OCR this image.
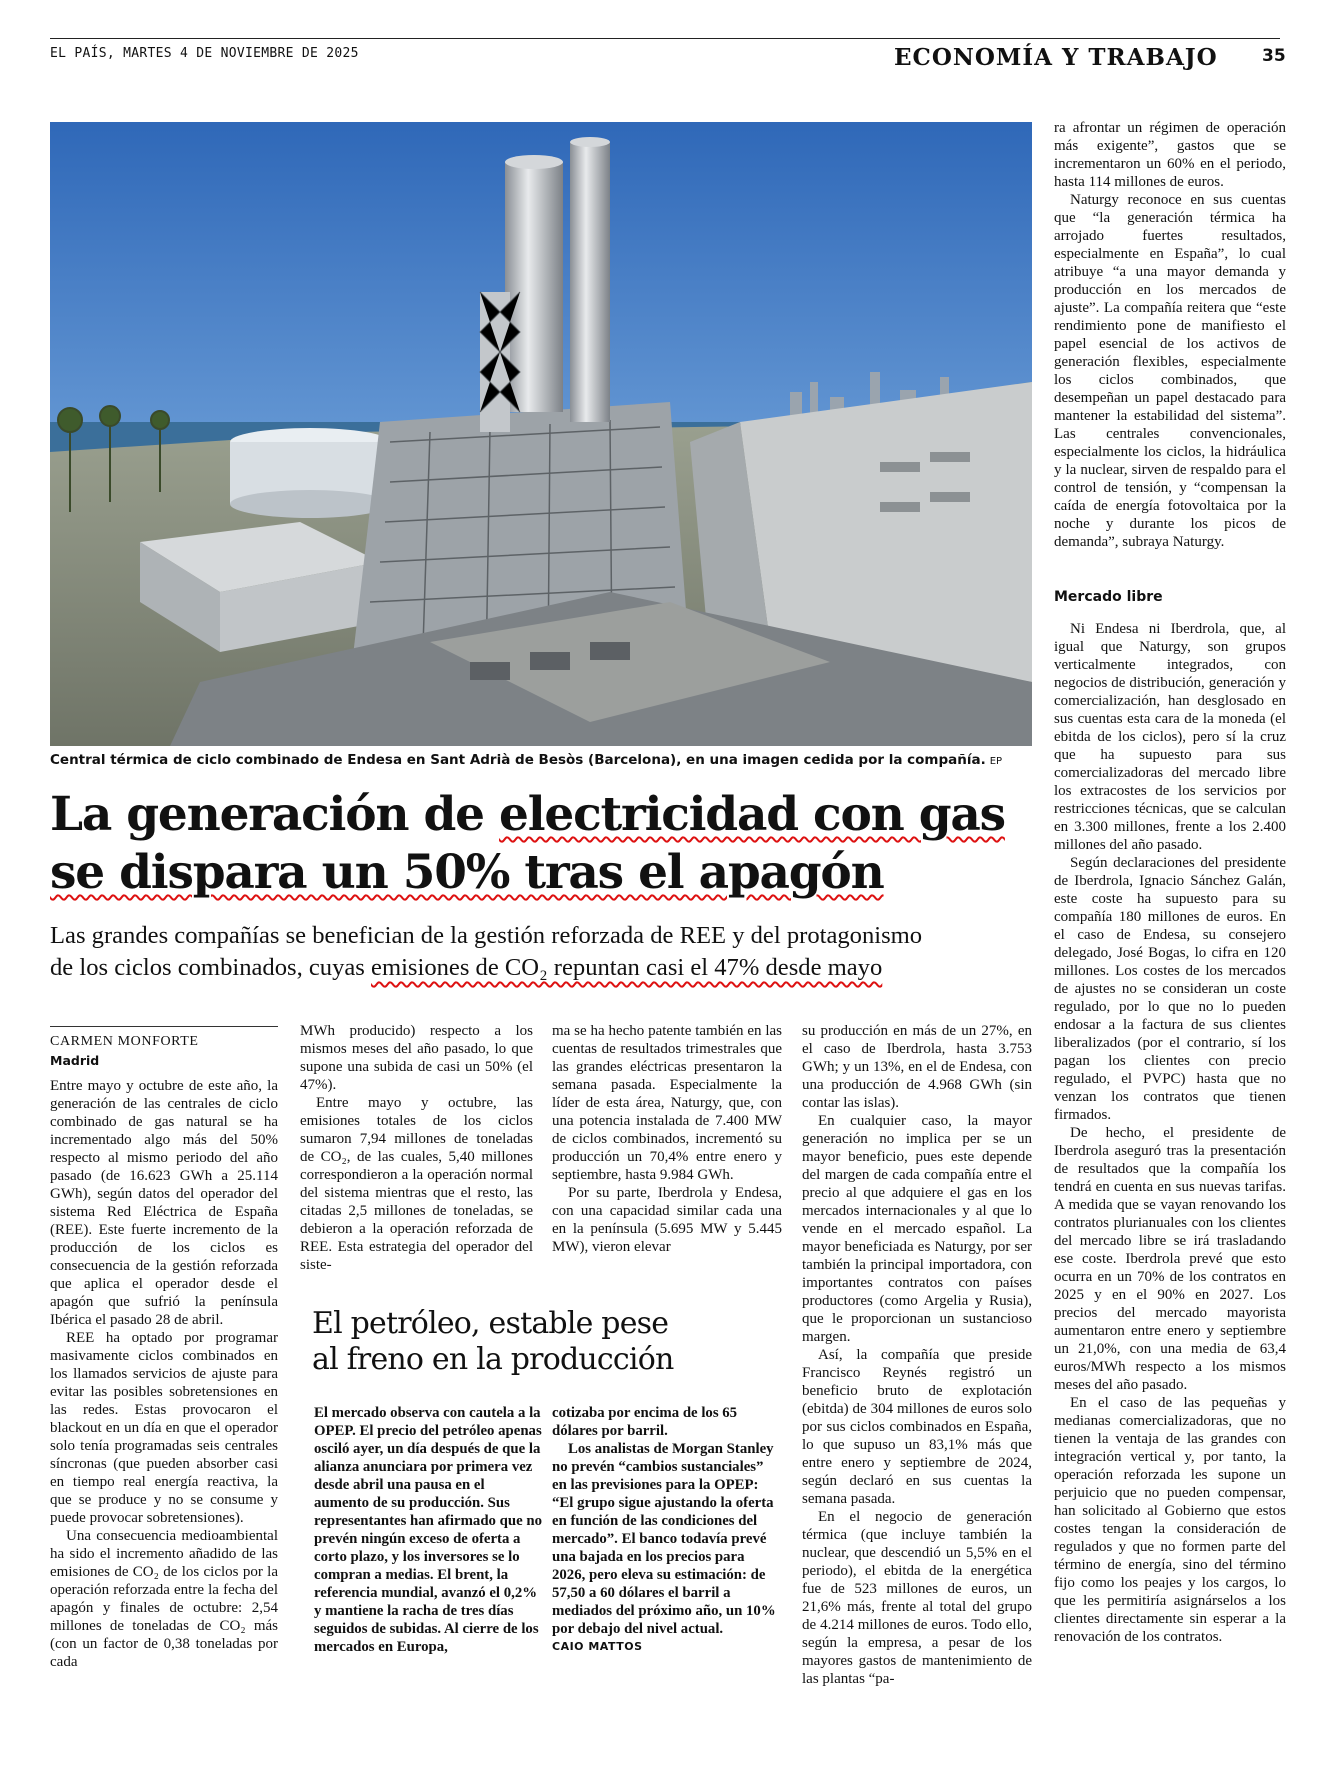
EL PAÍS, MARTES 4 DE NOVIEMBRE DE 2025	ECONOMÍA Y TRABAJO	35
Central térmica de ciclo combinado de Endesa en Sant Adrià de Besòs (Barcelona), en una imagen cedida por la compañía. EP
La generación de electricidad con gas
se dispara un 50% tras el apagón
Las grandes compañías se benefician de la gestión reforzada de REE y del protagonismo
de los ciclos combinados, cuyas emisiones de CO₂ repuntan casi el 47% desde mayo
CARMEN MONFORTE
Madrid

Entre mayo y octubre de este año, la generación de las centrales de ciclo combinado de gas natural se ha incrementado algo más del 50% respecto al mismo periodo del año pasado (de 16.623 GWh a 25.114 GWh), según datos del operador del sistema Red Eléctrica de España (REE). Este fuerte incremento de la producción de los ciclos es consecuencia de la gestión reforzada que aplica el operador desde el apagón que sufrió la península Ibérica el pasado 28 de abril.

REE ha optado por programar masivamente ciclos combinados en los llamados servicios de ajuste para evitar las posibles sobretensiones en las redes. Estas provocaron el blackout en un día en que el operador solo tenía programadas seis centrales síncronas (que pueden absorber casi en tiempo real energía reactiva, la que se produce y no se consume y puede provocar sobretensiones).

Una consecuencia medioambiental ha sido el incremento añadido de las emisiones de CO₂ de los ciclos por la operación reforzada entre la fecha del apagón y finales de octubre: 2,54 millones de toneladas de CO₂ más (con un factor de 0,38 toneladas por cada

MWh producido) respecto a los mismos meses del año pasado, lo que supone una subida de casi un 50% (el 47%).

Entre mayo y octubre, las emisiones totales de los ciclos sumaron 7,94 millones de toneladas de CO₂, de las cuales, 5,40 millones correspondieron a la operación normal del sistema mientras que el resto, las citadas 2,5 millones de toneladas, se debieron a la operación reforzada de REE. Esta estrategia del operador del siste-

ma se ha hecho patente también en las cuentas de resultados trimestrales que las grandes eléctricas presentaron la semana pasada. Especialmente la líder de esta área, Naturgy, que, con una potencia instalada de 7.400 MW de ciclos combinados, incrementó su producción un 70,4% entre enero y septiembre, hasta 9.984 GWh.

Por su parte, Iberdrola y Endesa, con una capacidad similar cada una en la península (5.695 MW y 5.445 MW), vieron elevar

su producción en más de un 27%, en el caso de Iberdrola, hasta 3.753 GWh; y un 13%, en el de Endesa, con una producción de 4.968 GWh (sin contar las islas).

En cualquier caso, la mayor generación no implica per se un mayor beneficio, pues este depende del margen de cada compañía entre el precio al que adquiere el gas en los mercados internacionales y al que lo vende en el mercado español. La mayor beneficiada es Naturgy, por ser también la principal importadora, con importantes contratos con países productores (como Argelia y Rusia), que le proporcionan un sustancioso margen.

Así, la compañía que preside Francisco Reynés registró un beneficio bruto de explotación (ebitda) de 304 millones de euros solo por sus ciclos combinados en España, lo que supuso un 83,1% más que entre enero y septiembre de 2024, según declaró en sus cuentas la semana pasada.

En el negocio de generación térmica (que incluye también la nuclear, que descendió un 5,5% en el periodo), el ebitda de la energética fue de 523 millones de euros, un 21,6% más, frente al total del grupo de 4.214 millones de euros. Todo ello, según la empresa, a pesar de los mayores gastos de mantenimiento de las plantas “pa-

ra afrontar un régimen de operación más exigente”, gastos que se incrementaron un 60% en el periodo, hasta 114 millones de euros.

Naturgy reconoce en sus cuentas que “la generación térmica ha arrojado fuertes resultados, especialmente en España”, lo cual atribuye “a una mayor demanda y producción en los mercados de ajuste”. La compañía reitera que “este rendimiento pone de manifiesto el papel esencial de los activos de generación flexibles, especialmente los ciclos combinados, que desempeñan un papel destacado para mantener la estabilidad del sistema”. Las centrales convencionales, especialmente los ciclos, la hidráulica y la nuclear, sirven de respaldo para el control de tensión, y “compensan la caída de energía fotovoltaica por la noche y durante los picos de demanda”, subraya Naturgy.

Mercado libre

Ni Endesa ni Iberdrola, que, al igual que Naturgy, son grupos verticalmente integrados, con negocios de distribución, generación y comercialización, han desglosado en sus cuentas esta cara de la moneda (el ebitda de los ciclos), pero sí la cruz que ha supuesto para sus comercializadoras del mercado libre los extracostes de los servicios por restricciones técnicas, que se calculan en 3.300 millones, frente a los 2.400 millones del año pasado.

Según declaraciones del presidente de Iberdrola, Ignacio Sánchez Galán, este coste ha supuesto para su compañía 180 millones de euros. En el caso de Endesa, su consejero delegado, José Bogas, lo cifra en 120 millones. Los costes de los mercados de ajustes no se consideran un coste regulado, por lo que no lo pueden endosar a la factura de sus clientes liberalizados (por el contrario, sí los pagan los clientes con precio regulado, el PVPC) hasta que no venzan los contratos que tienen firmados.

De hecho, el presidente de Iberdrola aseguró tras la presentación de resultados que la compañía los tendrá en cuenta en sus nuevas tarifas. A medida que se vayan renovando los contratos plurianuales con los clientes del mercado libre se irá trasladando ese coste. Iberdrola prevé que esto ocurra en un 70% de los contratos en 2025 y en el 90% en 2027. Los precios del mercado mayorista aumentaron entre enero y septiembre un 21,0%, con una media de 63,4 euros/MWh respecto a los mismos meses del año pasado.

En el caso de las pequeñas y medianas comercializadoras, que no tienen la ventaja de las grandes con integración vertical y, por tanto, la operación reforzada les supone un perjuicio que no pueden compensar, han solicitado al Gobierno que estos costes tengan la consideración de regulados y que no formen parte del término de energía, sino del término fijo como los peajes y los cargos, lo que les permitiría asignárselos a los clientes directamente sin esperar a la renovación de los contratos.

El petróleo, estable pese
al freno en la producción

El mercado observa con cautela a la OPEP. El precio del petróleo apenas osciló ayer, un día después de que la alianza anunciara por primera vez desde abril una pausa en el aumento de su producción. Sus representantes han afirmado que no prevén ningún exceso de oferta a corto plazo, y los inversores se lo compran a medias. El brent, la referencia mundial, avanzó el 0,2% y mantiene la racha de tres días seguidos de subidas. Al cierre de los mercados en Europa,

cotizaba por encima de los 65 dólares por barril.

Los analistas de Morgan Stanley no prevén “cambios sustanciales” en las previsiones para la OPEP: “El grupo sigue ajustando la oferta en función de las condiciones del mercado”. El banco todavía prevé una bajada en los precios para 2026, pero eleva su estimación: de 57,50 a 60 dólares el barril a mediados del próximo año, un 10% por debajo del nivel actual.

CAIO MATTOS
